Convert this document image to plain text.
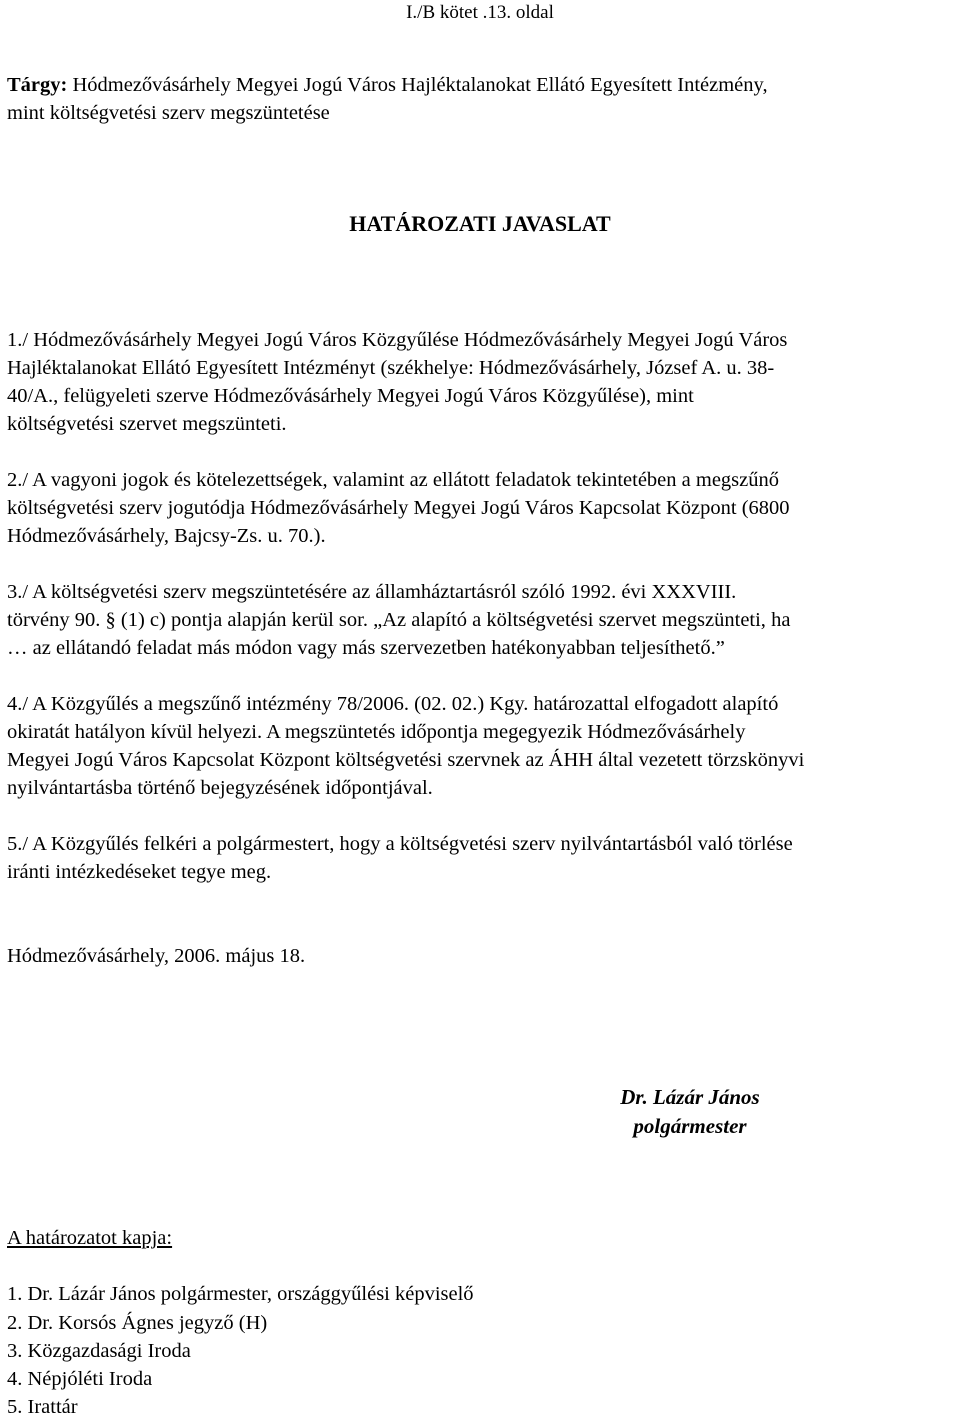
I./B kötet .13. oldal
Tárgy: Hódmezővásárhely Megyei Jogú Város Hajléktalanokat Ellátó Egyesített Intézmény,
mint költségvetési szerv megszüntetése
HATÁROZATI JAVASLAT
1./ Hódmezővásárhely Megyei Jogú Város Közgyűlése Hódmezővásárhely Megyei Jogú Város
Hajléktalanokat Ellátó Egyesített Intézményt (székhelye: Hódmezővásárhely, József A. u. 38-
40/A., felügyeleti szerve Hódmezővásárhely Megyei Jogú Város Közgyűlése), mint
költségvetési szervet megszünteti.
2./ A vagyoni jogok és kötelezettségek, valamint az ellátott feladatok tekintetében a megszűnő
költségvetési szerv jogutódja Hódmezővásárhely Megyei Jogú Város Kapcsolat Központ (6800
Hódmezővásárhely, Bajcsy-Zs. u. 70.).
3./ A költségvetési szerv megszüntetésére az államháztartásról szóló 1992. évi XXXVIII.
törvény 90. § (1) c) pontja alapján kerül sor. „Az alapító a költségvetési szervet megszünteti, ha
… az ellátandó feladat más módon vagy más szervezetben hatékonyabban teljesíthető.”
4./ A Közgyűlés a megszűnő intézmény 78/2006. (02. 02.) Kgy. határozattal elfogadott alapító
okiratát hatályon kívül helyezi. A megszüntetés időpontja megegyezik Hódmezővásárhely
Megyei Jogú Város Kapcsolat Központ költségvetési szervnek az ÁHH által vezetett törzskönyvi
nyilvántartásba történő bejegyzésének időpontjával.
5./ A Közgyűlés felkéri a polgármestert, hogy a költségvetési szerv nyilvántartásból való törlése
iránti intézkedéseket tegye meg.
Hódmezővásárhely, 2006. május 18.
Dr. Lázár János
polgármester
A határozatot kapja:
1. Dr. Lázár János polgármester, országgyűlési képviselő
2. Dr. Korsós Ágnes jegyző (H)
3. Közgazdasági Iroda
4. Népjóléti Iroda
5. Irattár
